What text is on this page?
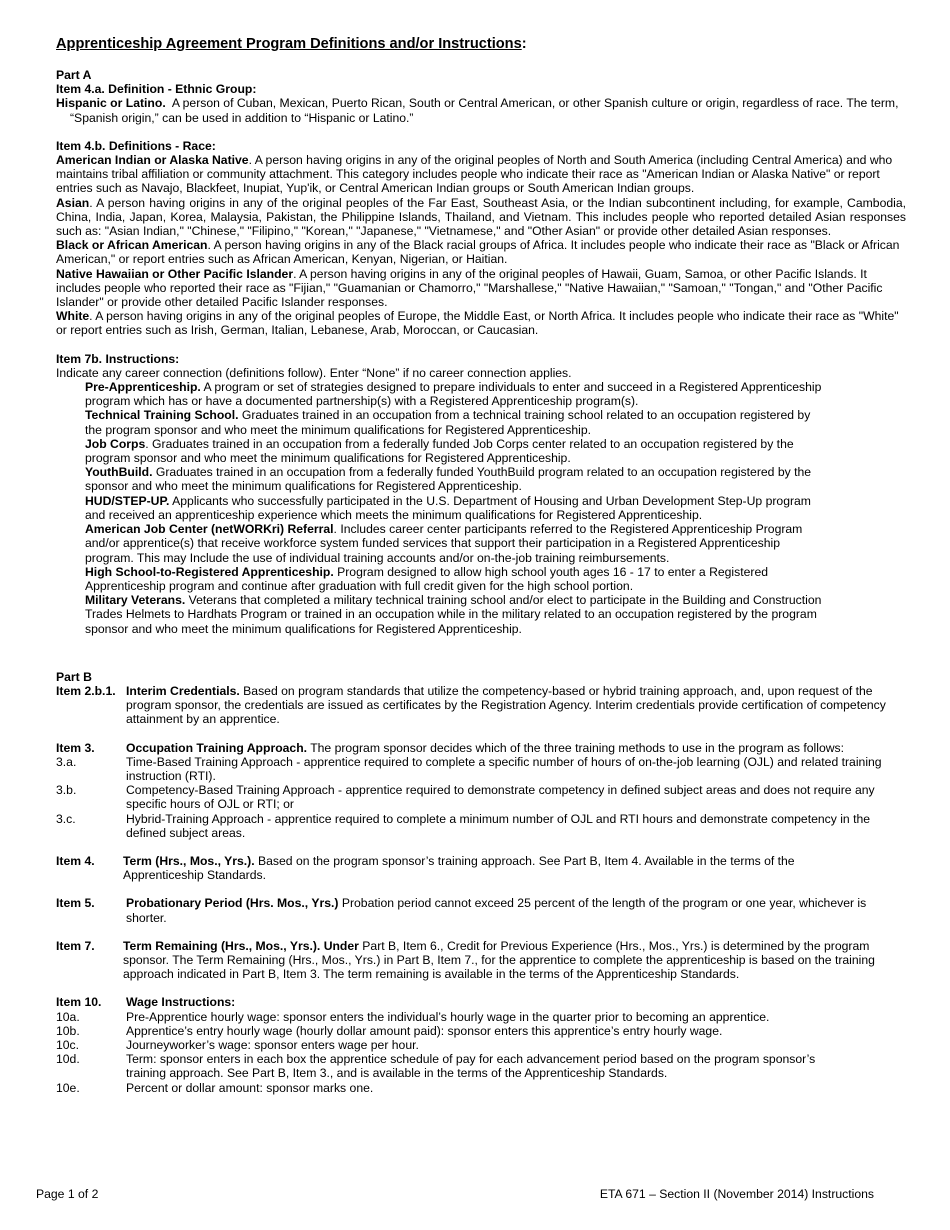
Apprenticeship Agreement Program Definitions and/or Instructions:

Part A

Item 4.a. Definition - Ethnic Group:

Hispanic or Latino. A person of Cuban, Mexican, Puerto Rican, South or Central American, or other Spanish culture or origin, regardless of race. The term, “Spanish origin,” can be used in addition to “Hispanic or Latino.”

Item 4.b. Definitions - Race:

American Indian or Alaska Native. A person having origins in any of the original peoples of North and South America (including Central America) and who maintains tribal affiliation or community attachment. This category includes people who indicate their race as "American Indian or Alaska Native" or report entries such as Navajo, Blackfeet, Inupiat, Yup'ik, or Central American Indian groups or South American Indian groups.

Asian. A person having origins in any of the original peoples of the Far East, Southeast Asia, or the Indian subcontinent including, for example, Cambodia, China, India, Japan, Korea, Malaysia, Pakistan, the Philippine Islands, Thailand, and Vietnam. This includes people who reported detailed Asian responses such as: "Asian Indian," "Chinese," "Filipino," "Korean," "Japanese," "Vietnamese," and "Other Asian" or provide other detailed Asian responses.

Black or African American. A person having origins in any of the Black racial groups of Africa. It includes people who indicate their race as "Black or African American," or report entries such as African American, Kenyan, Nigerian, or Haitian.

Native Hawaiian or Other Pacific Islander. A person having origins in any of the original peoples of Hawaii, Guam, Samoa, or other Pacific Islands. It includes people who reported their race as "Fijian," "Guamanian or Chamorro," "Marshallese," "Native Hawaiian," "Samoan," "Tongan," and "Other Pacific Islander" or provide other detailed Pacific Islander responses.

White. A person having origins in any of the original peoples of Europe, the Middle East, or North Africa. It includes people who indicate their race as "White" or report entries such as Irish, German, Italian, Lebanese, Arab, Moroccan, or Caucasian.

Item 7b. Instructions:

Indicate any career connection (definitions follow). Enter “None” if no career connection applies.

Pre-Apprenticeship. A program or set of strategies designed to prepare individuals to enter and succeed in a Registered Apprenticeship program which has or have a documented partnership(s) with a Registered Apprenticeship program(s).

Technical Training School. Graduates trained in an occupation from a technical training school related to an occupation registered by the program sponsor and who meet the minimum qualifications for Registered Apprenticeship.

Job Corps. Graduates trained in an occupation from a federally funded Job Corps center related to an occupation registered by the program sponsor and who meet the minimum qualifications for Registered Apprenticeship.

YouthBuild. Graduates trained in an occupation from a federally funded YouthBuild program related to an occupation registered by the sponsor and who meet the minimum qualifications for Registered Apprenticeship.

HUD/STEP-UP. Applicants who successfully participated in the U.S. Department of Housing and Urban Development Step-Up program and received an apprenticeship experience which meets the minimum qualifications for Registered Apprenticeship.

American Job Center (netWORKri) Referral. Includes career center participants referred to the Registered Apprenticeship Program and/or apprentice(s) that receive workforce system funded services that support their participation in a Registered Apprenticeship program. This may Include the use of individual training accounts and/or on-the-job training reimbursements.

High School-to-Registered Apprenticeship. Program designed to allow high school youth ages 16 - 17 to enter a Registered Apprenticeship program and continue after graduation with full credit given for the high school portion.

Military Veterans. Veterans that completed a military technical training school and/or elect to participate in the Building and Construction Trades Helmets to Hardhats Program or trained in an occupation while in the military related to an occupation registered by the program sponsor and who meet the minimum qualifications for Registered Apprenticeship.

Part B

Item 2.b.1. Interim Credentials. Based on program standards that utilize the competency-based or hybrid training approach, and, upon request of the program sponsor, the credentials are issued as certificates by the Registration Agency. Interim credentials provide certification of competency attainment by an apprentice.
Item 3.	Occupation Training Approach. The program sponsor decides which of the three training methods to use in the program as follows:
3.a.	Time-Based Training Approach - apprentice required to complete a specific number of hours of on-the-job learning (OJL) and related training instruction (RTI).
3.b.	Competency-Based Training Approach - apprentice required to demonstrate competency in defined subject areas and does not require any specific hours of OJL or RTI; or
3.c.	Hybrid-Training Approach - apprentice required to complete a minimum number of OJL and RTI hours and demonstrate competency in the defined subject areas.
Item 4.	Term (Hrs., Mos., Yrs.). Based on the program sponsor’s training approach. See Part B, Item 4. Available in the terms of the Apprenticeship Standards.
Item 5.	Probationary Period (Hrs. Mos., Yrs.) Probation period cannot exceed 25 percent of the length of the program or one year, whichever is shorter.
Item 7.	Term Remaining (Hrs., Mos., Yrs.). Under Part B, Item 6., Credit for Previous Experience (Hrs., Mos., Yrs.) is determined by the program sponsor. The Term Remaining (Hrs., Mos., Yrs.) in Part B, Item 7., for the apprentice to complete the apprenticeship is based on the training approach indicated in Part B, Item 3. The term remaining is available in the terms of the Apprenticeship Standards.
Item 10.	Wage Instructions:
10a.	Pre-Apprentice hourly wage: sponsor enters the individual’s hourly wage in the quarter prior to becoming an apprentice.
10b.	Apprentice’s entry hourly wage (hourly dollar amount paid): sponsor enters this apprentice’s entry hourly wage.
10c.	Journeyworker’s wage: sponsor enters wage per hour.
10d.	Term: sponsor enters in each box the apprentice schedule of pay for each advancement period based on the program sponsor’s training approach. See Part B, Item 3., and is available in the terms of the Apprenticeship Standards.
10e.	Percent or dollar amount: sponsor marks one.
Page 1 of 2	ETA 671 – Section II (November 2014) Instructions
